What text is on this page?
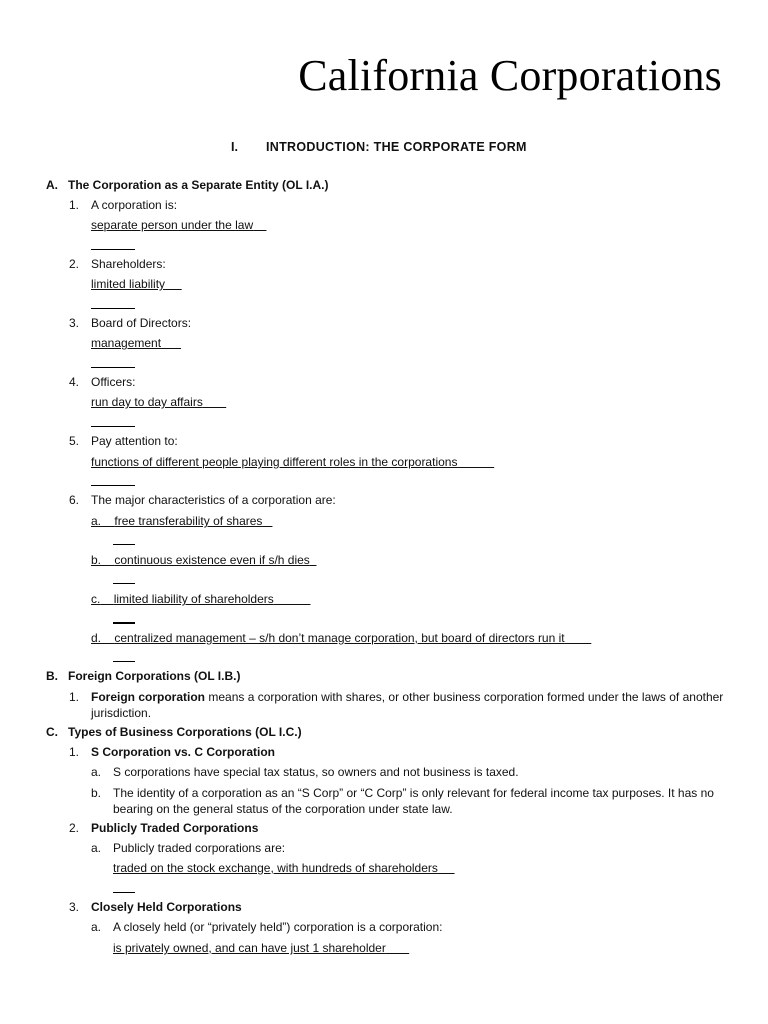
California Corporations
I. INTRODUCTION: THE CORPORATE FORM
A. The Corporation as a Separate Entity (OL I.A.)
1. A corporation is:
separate person under the law
2. Shareholders:
limited liability
3. Board of Directors:
management
4. Officers:
run day to day affairs
5. Pay attention to:
functions of different people playing different roles in the corporations
6. The major characteristics of a corporation are:
a. free transferability of shares
b. continuous existence even if s/h dies
c. limited liability of shareholders
d. centralized management – s/h don’t manage corporation, but board of directors run it
B. Foreign Corporations (OL I.B.)
1. Foreign corporation means a corporation with shares, or other business corporation formed under the laws of another
jurisdiction.
C. Types of Business Corporations (OL I.C.)
1. S Corporation vs. C Corporation
a. S corporations have special tax status, so owners and not business is taxed.
b. The identity of a corporation as an “S Corp” or “C Corp” is only relevant for federal income tax purposes. It has no
bearing on the general status of the corporation under state law.
2. Publicly Traded Corporations
a. Publicly traded corporations are:
traded on the stock exchange, with hundreds of shareholders
3. Closely Held Corporations
a. A closely held (or “privately held”) corporation is a corporation:
is privately owned, and can have just 1 shareholder
